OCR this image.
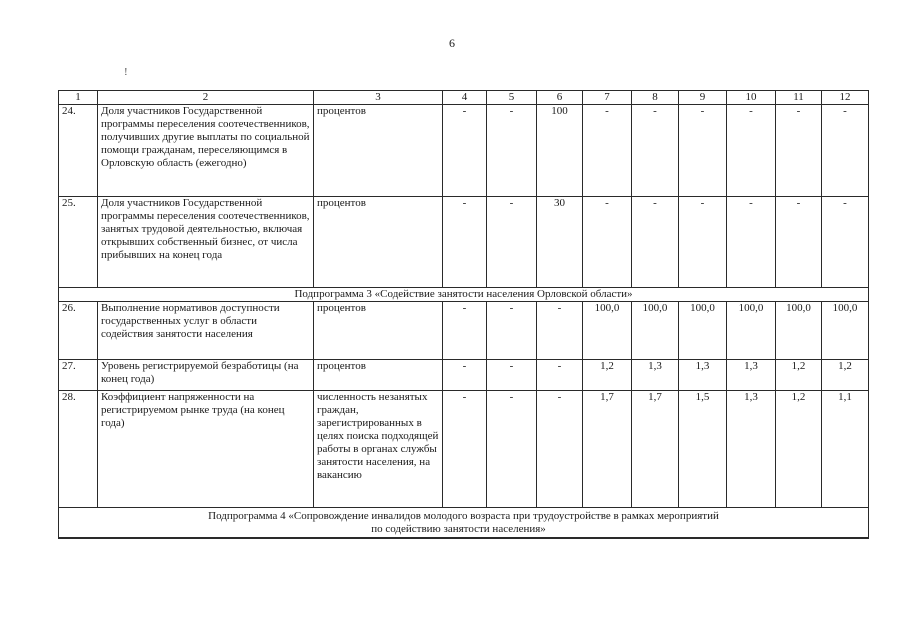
6
!
1	2	3	4	5	6	7	8	9	10	11	12
24.	Доля участников Государственной программы переселения соотечественников, получивших другие выплаты по социальной помощи гражданам, переселяющимся в Орловскую область (ежегодно)	процентов	-	-	100	-	-	-	-	-	-
25.	Доля участников Государственной программы переселения соотечественников, занятых трудовой деятельностью, включая открывших собственный бизнес, от числа прибывших на конец года	процентов	-	-	30	-	-	-	-	-	-
Подпрограмма 3 «Содействие занятости населения Орловской области»											
26.	Выполнение нормативов доступности государственных услуг в области содействия занятости населения	процентов	-	-	-	100,0	100,0	100,0	100,0	100,0	100,0
27.	Уровень регистрируемой безработицы (на конец года)	процентов	-	-	-	1,2	1,3	1,3	1,3	1,2	1,2
28.	Коэффициент напряженности на регистрируемом рынке труда (на конец года)	численность незанятых граждан, зарегистрированных в целях поиска подходящей работы в органах службы занятости населения, на вакансию	-	-	-	1,7	1,7	1,5	1,3	1,2	1,1
Подпрограмма 4 «Сопровождение инвалидов молодого возраста при трудоустройстве в рамках мероприятий
по содействию занятости населения»											
